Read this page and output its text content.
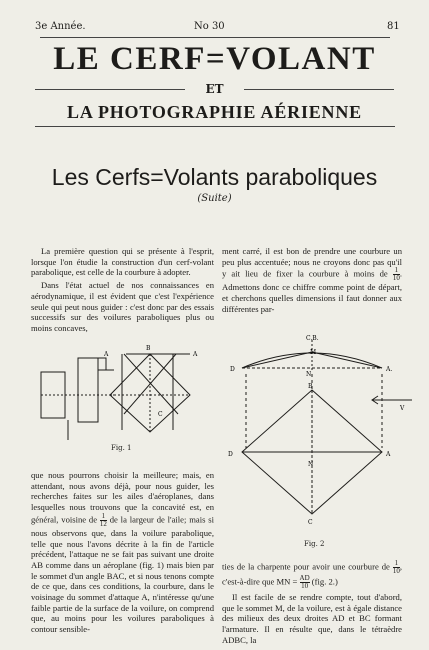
3e Année.	No 30	81
LE CERF=VOLANT
ET
LA PHOTOGRAPHIE AÉRIENNE
Les Cerfs=Volants paraboliques
(Suite)

La première question qui se présente à l'esprit, lorsque l'on étudie la construction d'un cerf-volant parabolique, est celle de la courbure à adopter.

Dans l'état actuel de nos connaissances en aérodynamique, il est évident que c'est l'expérience seule qui peut nous guider : c'est donc par des essais successifs sur des voilures paraboliques plus ou moins concaves,

A	A
B
C
Fig. 1

que nous pourrons choisir la meilleure; mais, en attendant, nous avons déjà, pour nous guider, les recherches faites sur les ailes d'aéroplanes, dans lesquelles nous trouvons que la concavité est, en général, voisine de $\frac{1}{12}$ de la largeur de l'aile; mais si nous observons que, dans la voilure parabolique, telle que nous l'avons décrite à la fin de l'article précédent, l'attaque ne se fait pas suivant une droite AB comme dans un aéroplane (fig. 1) mais bien par le sommet d'un angle BAC, et si nous tenons compte de ce que, dans ces conditions, la courbure, dans le voisinage du sommet d'attaque A, n'intéresse qu'une faible partie de la surface de la voilure, on comprend que, au moins pour les voilures paraboliques à contour sensible-

ment carré, il est bon de prendre une courbure un peu plus accentuée; nous ne croyons donc pas qu'il y ait lieu de fixer la courbure à moins de $\frac{1}{10}$ . Admettons donc ce chiffre comme point de départ, et cherchons quelles dimensions il faut donner aux différentes par-

C.B.
M
N
D	A.
B
V
D	A
N
C
Fig. 2

ties de la charpente pour avoir une courbure de $\frac{1}{10}$ , c'est-à-dire que MN = $\frac{AD}{10} (fig$. 2.)

Il est facile de se rendre compte, tout d'abord, que le sommet M, de la voilure, est à égale distance des milieux des deux droites AD et BC formant l'armature. Il en résulte que, dans le tétraèdre ADBC, la
